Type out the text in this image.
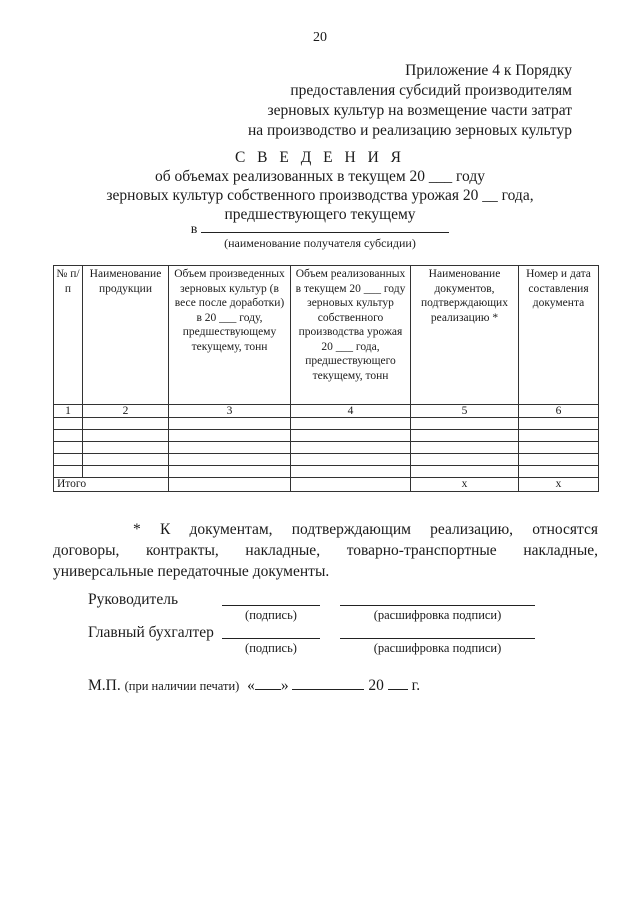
20
Приложение 4 к Порядку
предоставления субсидий производителям
зерновых культур на возмещение части затрат
на производство и реализацию зерновых культур
С В Е Д Е Н И Я
об объемах реализованных в текущем 20 ___ году
зерновых культур собственного производства урожая 20 __ года,
предшествующего текущему
в
(наименование получателя субсидии)
№ п/п	Наименование продукции	Объем произведенных зерновых культур (в весе после доработки) в 20 ___ году, предшествующему текущему, тонн	Объем реализованных в текущем 20 ___ году зерновых культур собственного производства урожая 20 ___ года, предшествующего текущему, тонн	Наименование документов, подтверждающих реализацию *	Номер и дата составления документа
1	2	3	4	5	6

Итого				x	x
* К документам, подтверждающим реализацию, относятся
договоры, контракты, накладные, товарно-транспортные накладные, универсальные передаточные документы.
Руководитель
(подпись)	(расшифровка подписи)
Главный бухгалтер
(подпись)	(расшифровка подписи)
М.П. (при наличии печати) « »	20 г.
